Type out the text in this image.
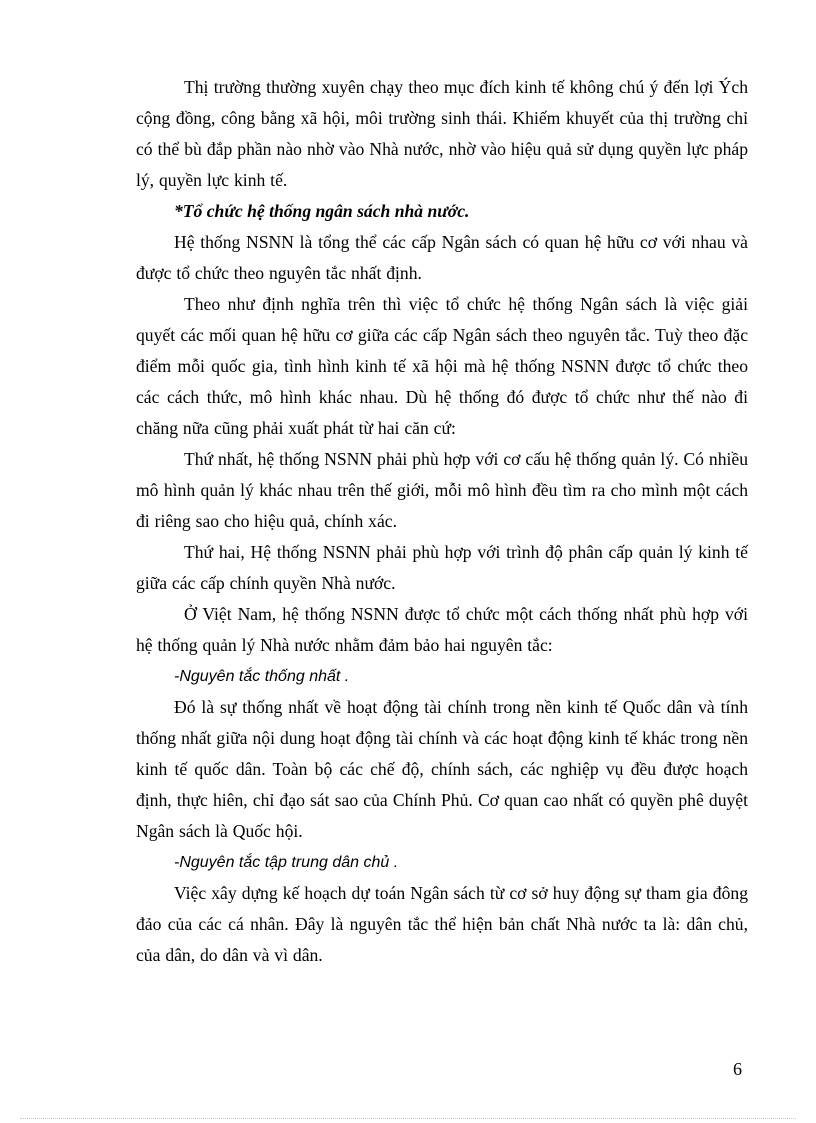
Thị trường thường xuyên chạy theo mục đích kinh tế không chú ý đến lợi Ých cộng đồng, công bằng xã hội, môi trường sinh thái. Khiếm khuyết của thị trường chỉ có thể bù đắp phần nào nhờ vào Nhà nước, nhờ vào hiệu quả sử dụng quyền lực pháp lý, quyền lực kinh tế.

*Tổ chức hệ thống ngân sách nhà nước.

Hệ thống NSNN là tổng thể các cấp Ngân sách có quan hệ hữu cơ với nhau và được tổ chức theo nguyên tắc nhất định.

Theo như định nghĩa trên thì việc tổ chức hệ thống Ngân sách là việc giải quyết các mối quan hệ hữu cơ giữa các cấp Ngân sách theo nguyên tắc. Tuỳ theo đặc điểm mỗi quốc gia, tình hình kinh tế xã hội mà hệ thống NSNN được tổ chức theo các cách thức, mô hình khác nhau. Dù hệ thống đó được tổ chức như thế nào đi chăng nữa cũng phải xuất phát từ hai căn cứ:

Thứ nhất, hệ thống NSNN phải phù hợp với cơ cấu hệ thống quản lý. Có nhiều mô hình quản lý khác nhau trên thế giới, mỗi mô hình đều tìm ra cho mình một cách đi riêng sao cho hiệu quả, chính xác.

Thứ hai, Hệ thống NSNN phải phù hợp với trình độ phân cấp quản lý kinh tế giữa các cấp chính quyền Nhà nước.

Ở Việt Nam, hệ thống NSNN được tổ chức một cách thống nhất phù hợp với hệ thống quản lý Nhà nước nhằm đảm bảo hai nguyên tắc:

-Nguyên tắc thống nhất .

Đó là sự thống nhất về hoạt động tài chính trong nền kinh tế Quốc dân và tính thống nhất giữa nội dung hoạt động tài chính và các hoạt động kinh tế khác trong nền kinh tế quốc dân. Toàn bộ các chế độ, chính sách, các nghiệp vụ đều được hoạch định, thực hiên, chỉ đạo sát sao của Chính Phủ. Cơ quan cao nhất có quyền phê duyệt Ngân sách là Quốc hội.

-Nguyên tắc tập trung dân chủ .

Việc xây dựng kế hoạch dự toán Ngân sách từ cơ sở huy động sự tham gia đông đảo của các cá nhân. Đây là nguyên tắc thể hiện bản chất Nhà nước ta là: dân chủ, của dân, do dân và vì dân.

6
